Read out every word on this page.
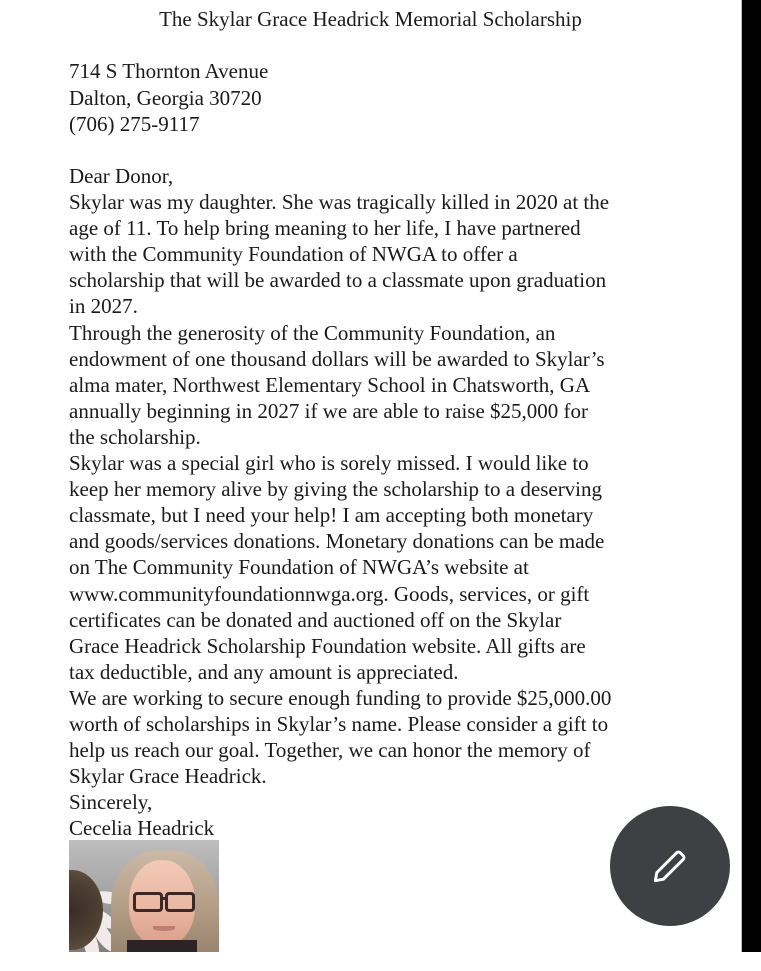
The Skylar Grace Headrick Memorial Scholarship
714 S Thornton Avenue
Dalton, Georgia 30720
(706) 275-9117
Dear Donor,
Skylar was my daughter. She was tragically killed in 2020 at the
age of 11. To help bring meaning to her life, I have partnered
with the Community Foundation of NWGA to offer a
scholarship that will be awarded to a classmate upon graduation
in 2027.
Through the generosity of the Community Foundation, an
endowment of one thousand dollars will be awarded to Skylar’s
alma mater, Northwest Elementary School in Chatsworth, GA
annually beginning in 2027 if we are able to raise $25,000 for
the scholarship.
Skylar was a special girl who is sorely missed. I would like to
keep her memory alive by giving the scholarship to a deserving
classmate, but I need your help! I am accepting both monetary
and goods/services donations. Monetary donations can be made
on The Community Foundation of NWGA’s website at
www.communityfoundationnwga.org. Goods, services, or gift
certificates can be donated and auctioned off on the Skylar
Grace Headrick Scholarship Foundation website. All gifts are
tax deductible, and any amount is appreciated.
We are working to secure enough funding to provide $25,000.00
worth of scholarships in Skylar’s name. Please consider a gift to
help us reach our goal. Together, we can honor the memory of
Skylar Grace Headrick.
Sincerely,
Cecelia Headrick
